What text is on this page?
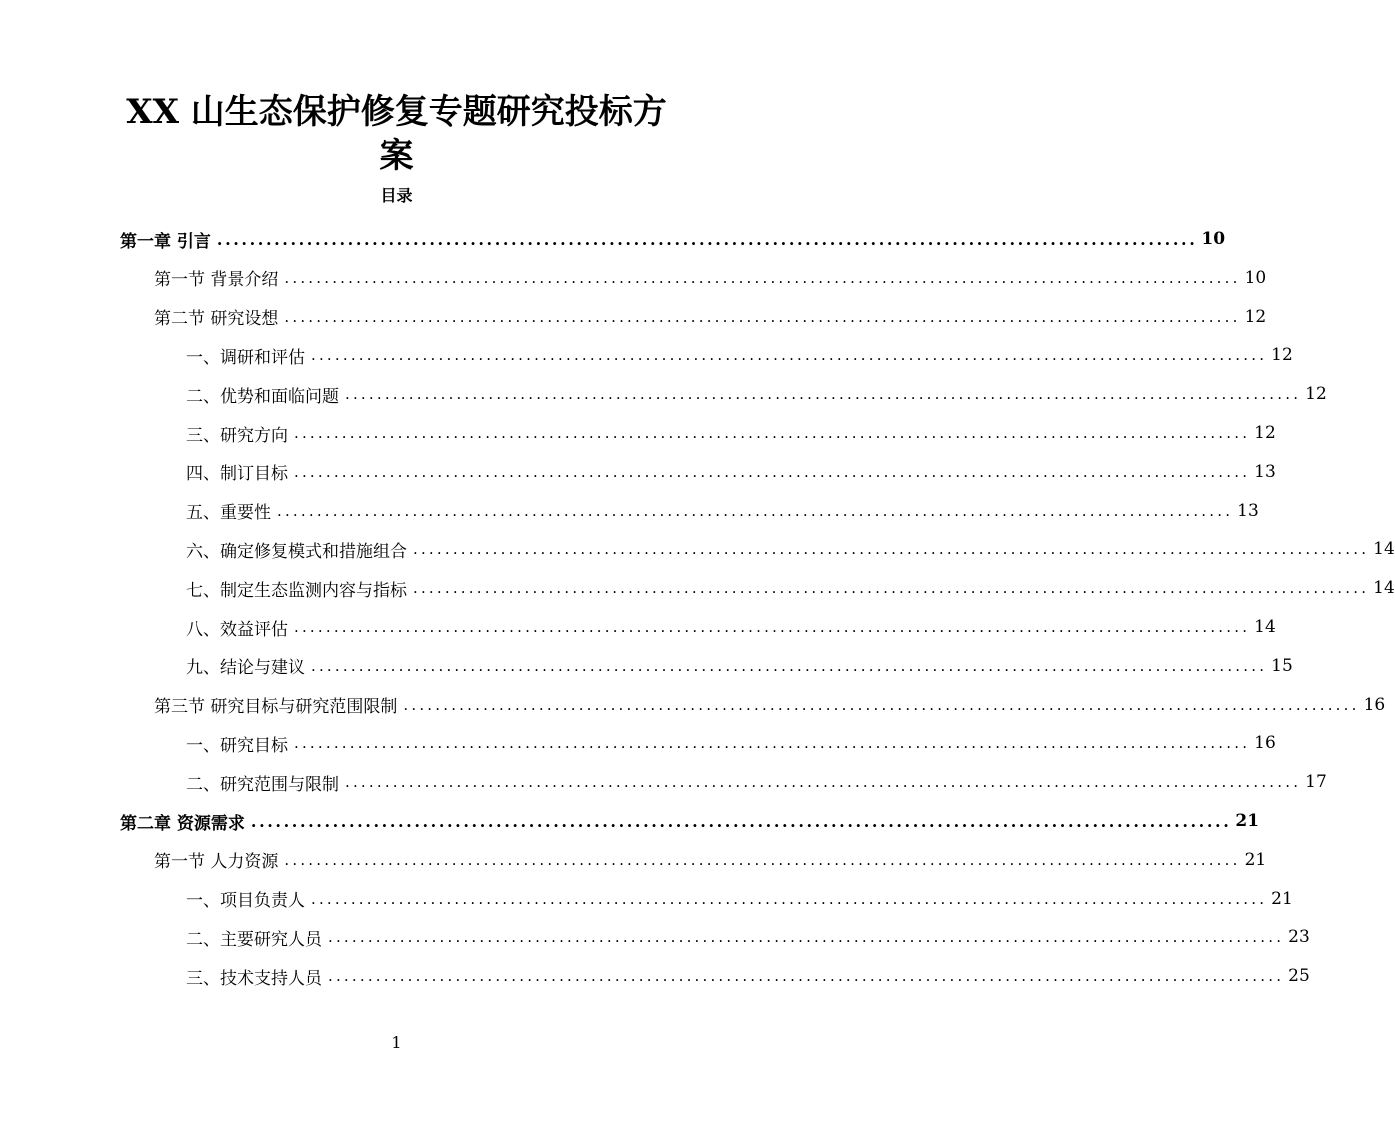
XX 山生态保护修复专题研究投标方案
目录
第一章 引言 ........................................................................................................................ 10
第一节 背景介绍 ........................................................................................................................ 10
第二节 研究设想 ........................................................................................................................ 12
一、调研和评估 ........................................................................................................................ 12
二、优势和面临问题 ........................................................................................................................ 12
三、研究方向 ........................................................................................................................ 12
四、制订目标 ........................................................................................................................ 13
五、重要性 ........................................................................................................................ 13
六、确定修复模式和措施组合 ........................................................................................................................ 14
七、制定生态监测内容与指标 ........................................................................................................................ 14
八、效益评估 ........................................................................................................................ 14
九、结论与建议 ........................................................................................................................ 15
第三节 研究目标与研究范围限制 ........................................................................................................................ 16
一、研究目标 ........................................................................................................................ 16
二、研究范围与限制 ........................................................................................................................ 17
第二章 资源需求 ........................................................................................................................ 21
第一节 人力资源 ........................................................................................................................ 21
一、项目负责人 ........................................................................................................................ 21
二、主要研究人员 ........................................................................................................................ 23
三、技术支持人员 ........................................................................................................................ 25
1
